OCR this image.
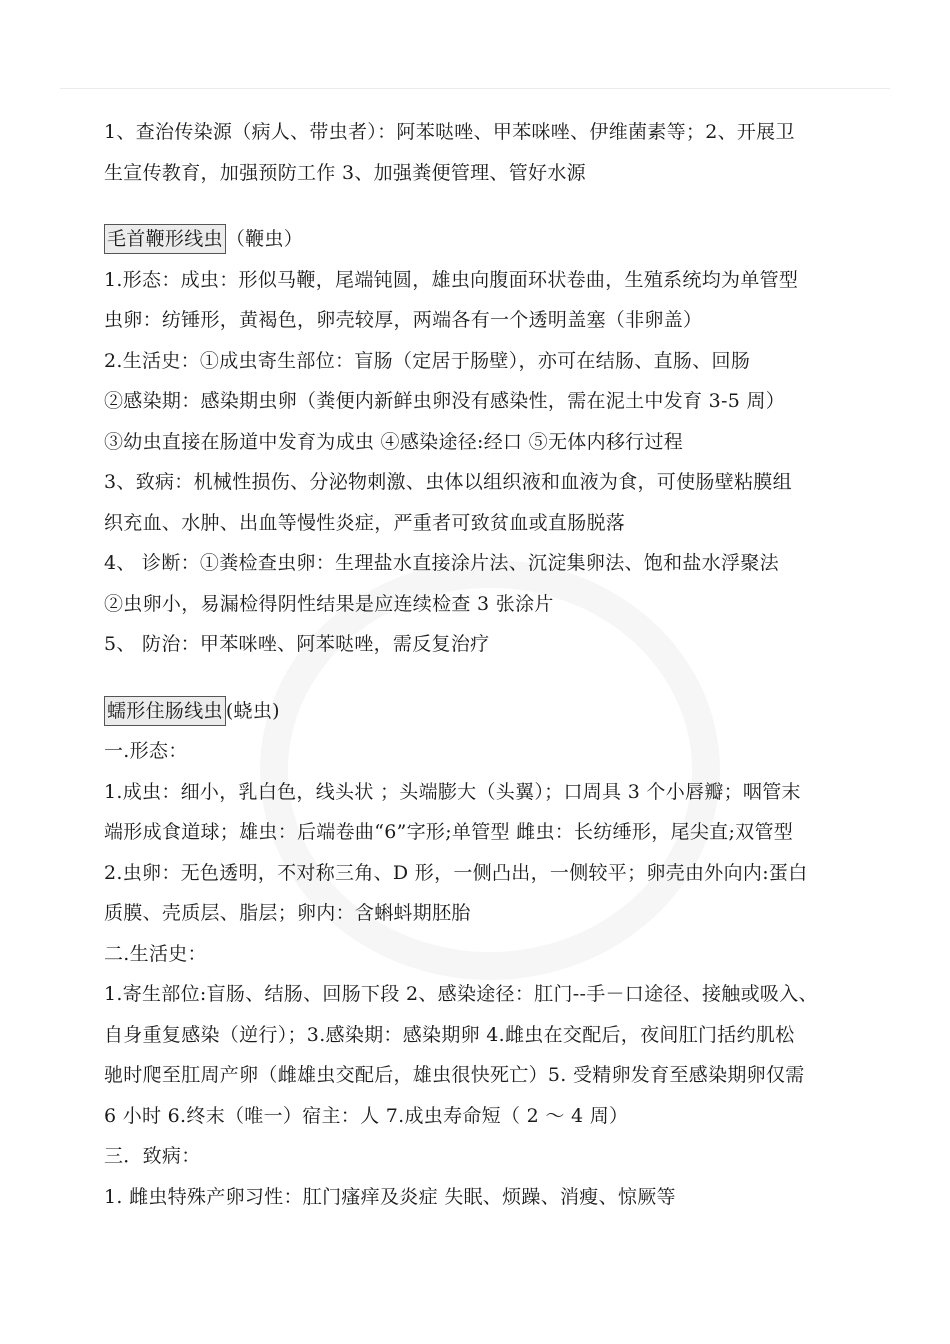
1、查治传染源（病人、带虫者）：阿苯哒唑、甲苯咪唑、伊维菌素等；2、开展卫
生宣传教育，加强预防工作 3、加强粪便管理、管好水源
毛首鞭形线虫 （鞭虫）
1.形态：成虫：形似马鞭，尾端钝圆，雄虫向腹面环状卷曲，生殖系统均为单管型
虫卵：纺锤形，黄褐色，卵壳较厚，两端各有一个透明盖塞（非卵盖）
2.生活史：①成虫寄生部位：盲肠（定居于肠壁），亦可在结肠、直肠、回肠
②感染期：感染期虫卵（粪便内新鲜虫卵没有感染性，需在泥土中发育 3-5 周）
③幼虫直接在肠道中发育为成虫 ④感染途径:经口 ⑤无体内移行过程
3、致病：机械性损伤、分泌物刺激、虫体以组织液和血液为食，可使肠壁粘膜组
织充血、水肿、出血等慢性炎症，严重者可致贫血或直肠脱落
4、 诊断：①粪检查虫卵：生理盐水直接涂片法、沉淀集卵法、饱和盐水浮聚法
②虫卵小，易漏检得阴性结果是应连续检查 3 张涂片
5、 防治：甲苯咪唑、阿苯哒唑，需反复治疗
蠕形住肠线虫(蛲虫)
一.形态：
1.成虫：细小，乳白色，线头状 ；头端膨大（头翼）；口周具 3 个小唇瓣；咽管末
端形成食道球；雄虫：后端卷曲“6”字形;单管型 雌虫：长纺缍形，尾尖直;双管型
2.虫卵：无色透明，不对称三角、D 形，一侧凸出，一侧较平；卵壳由外向内:蛋白
质膜、壳质层、脂层；卵内：含蝌蚪期胚胎
二.生活史：
1.寄生部位:盲肠、结肠、回肠下段 2、感染途径：肛门--手－口途径、接触或吸入、
自身重复感染（逆行）；3.感染期：感染期卵 4.雌虫在交配后，夜间肛门括约肌松
驰时爬至肛周产卵（雌雄虫交配后，雄虫很快死亡）5. 受精卵发育至感染期卵仅需
6 小时 6.终末（唯一）宿主：人 7.成虫寿命短（ 2 ～ 4 周）
三．致病：
1. 雌虫特殊产卵习性：肛门瘙痒及炎症 失眠、烦躁、消瘦、惊厥等
